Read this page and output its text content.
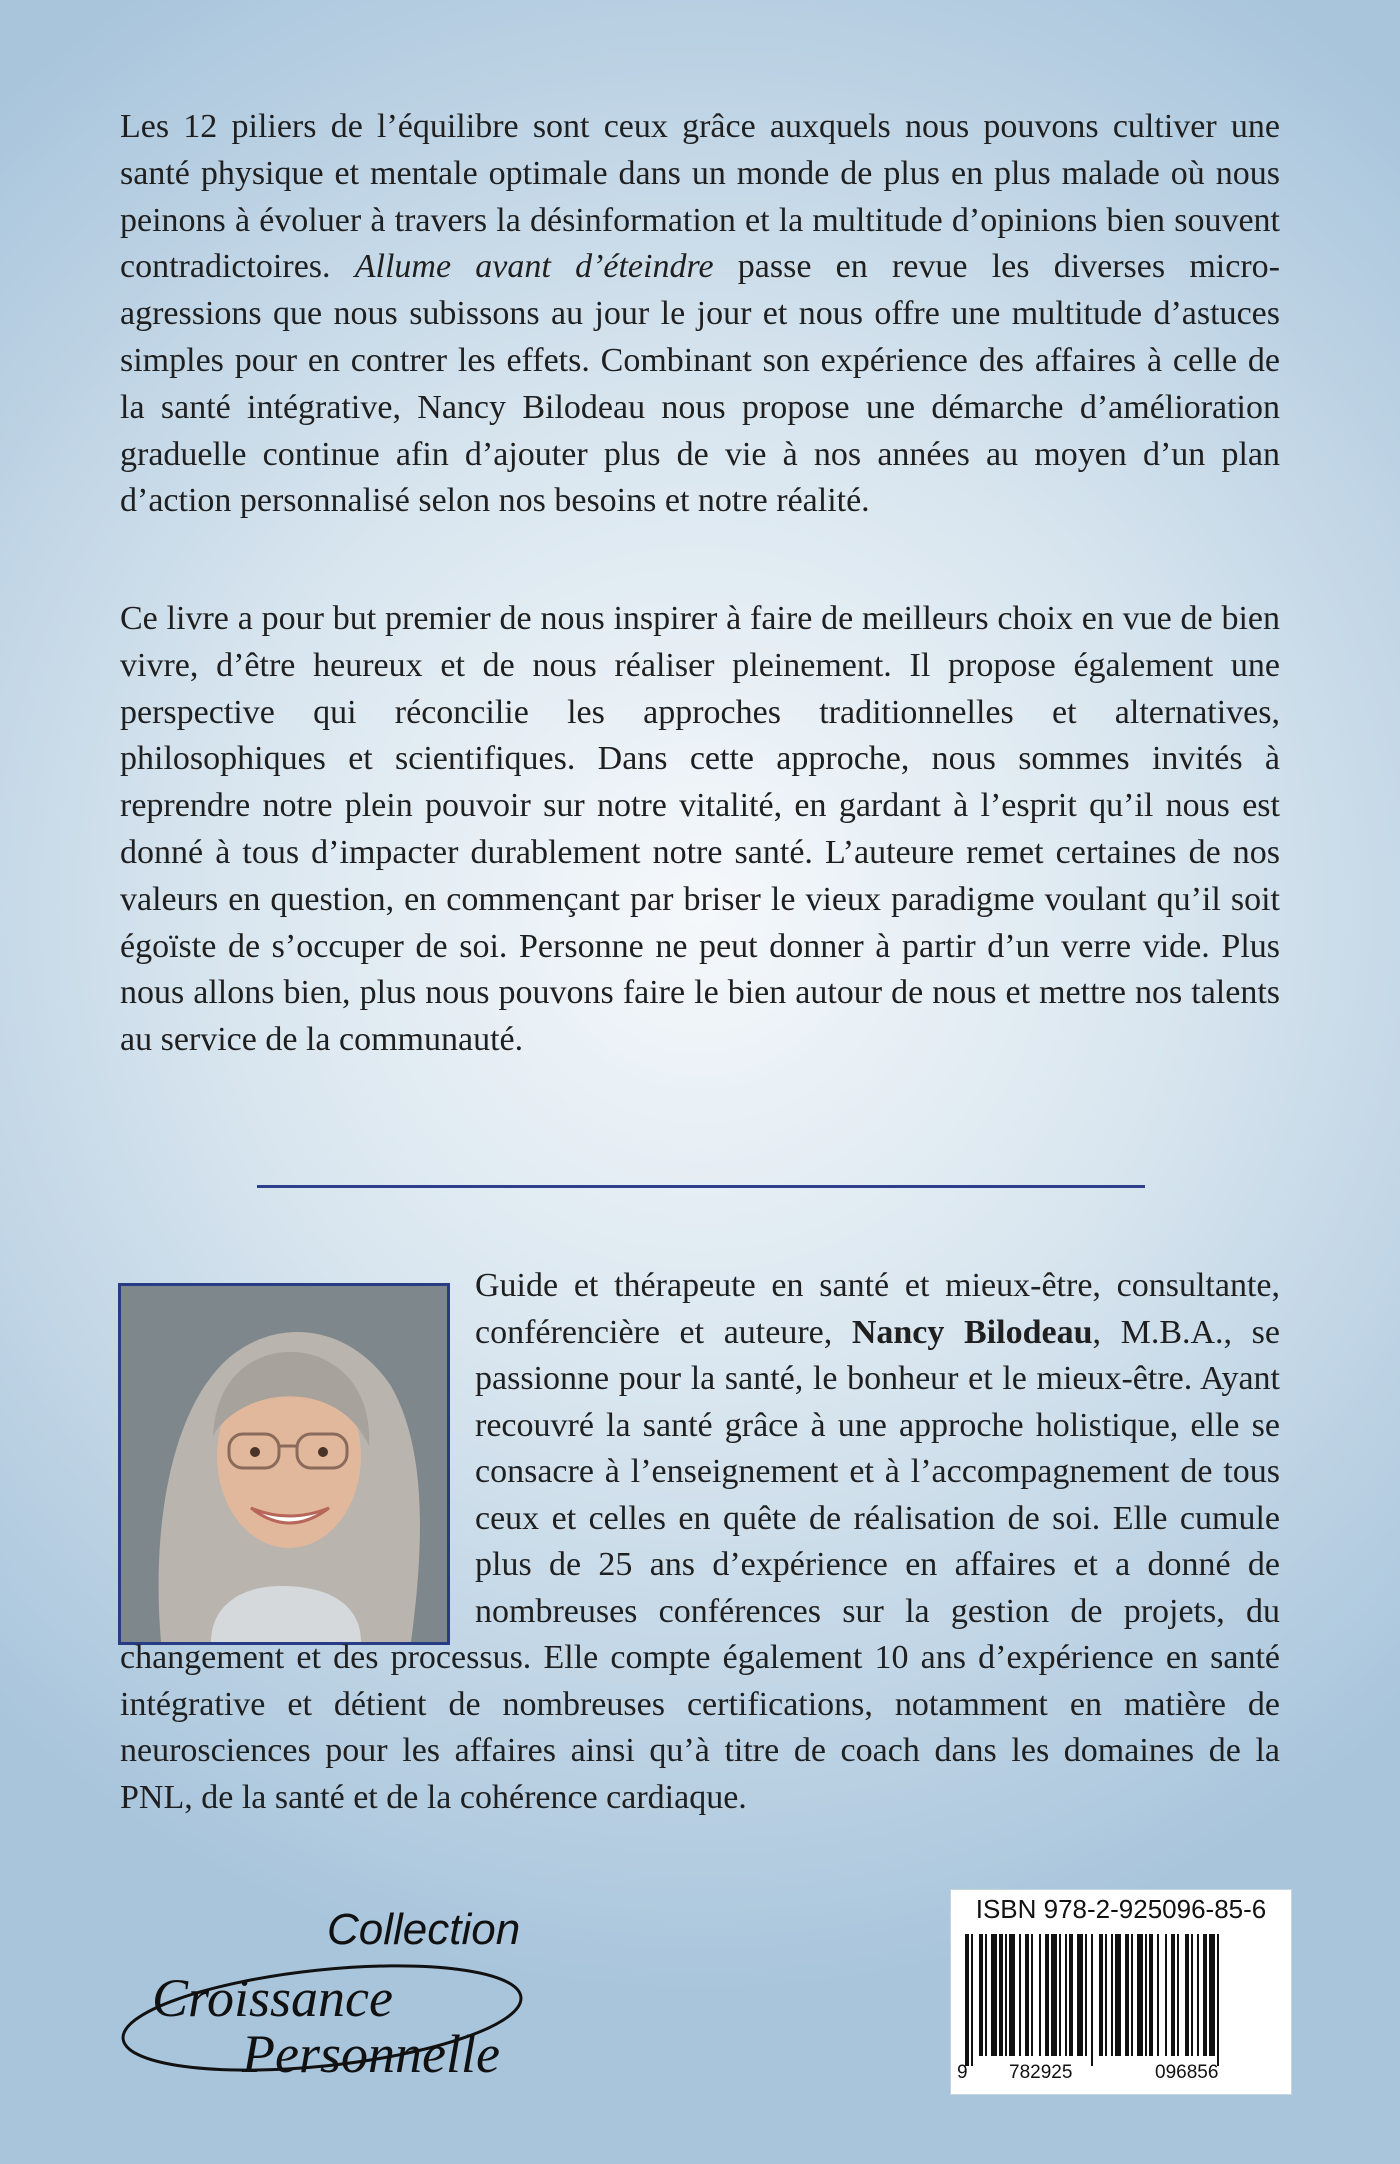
Les 12 piliers de l’équilibre sont ceux grâce auxquels nous pouvons cultiver une santé physique et mentale optimale dans un monde de plus en plus malade où nous peinons à évoluer à travers la désinformation et la multitude d’opinions bien souvent contradictoires. Allume avant d’éteindre passe en revue les diverses micro-agressions que nous subissons au jour le jour et nous offre une multitude d’astuces simples pour en contrer les effets. Combinant son expérience des affaires à celle de la santé intégrative, Nancy Bilodeau nous propose une démarche d’amélioration graduelle continue afin d’ajouter plus de vie à nos années au moyen d’un plan d’action personnalisé selon nos besoins et notre réalité.

Ce livre a pour but premier de nous inspirer à faire de meilleurs choix en vue de bien vivre, d’être heureux et de nous réaliser pleinement. Il propose également une perspective qui réconcilie les approches traditionnelles et alternatives, philosophiques et scientifiques. Dans cette approche, nous sommes invités à reprendre notre plein pouvoir sur notre vitalité, en gardant à l’esprit qu’il nous est donné à tous d’impacter durablement notre santé. L’auteure remet certaines de nos valeurs en question, en commençant par briser le vieux paradigme voulant qu’il soit égoïste de s’occuper de soi. Personne ne peut donner à partir d’un verre vide. Plus nous allons bien, plus nous pouvons faire le bien autour de nous et mettre nos talents au service de la communauté.

Guide et thérapeute en santé et mieux-être, consultante, conférencière et auteure, Nancy Bilodeau, M.B.A., se passionne pour la santé, le bonheur et le mieux-être. Ayant recouvré la santé grâce à une approche holistique, elle se consacre à l’enseignement et à l’accompagnement de tous ceux et celles en quête de réalisation de soi. Elle cumule plus de 25 ans d’expérience en affaires et a donné de nombreuses conférences sur la gestion de projets, du changement et des processus. Elle compte également 10 ans d’expérience en santé intégrative et détient de nombreuses certifications, notamment en matière de neurosciences pour les affaires ainsi qu’à titre de coach dans les domaines de la PNL, de la santé et de la cohérence cardiaque.

Collection
Croissance
Personnelle
ISBN 978-2-925096-85-6
9 782925	096856
